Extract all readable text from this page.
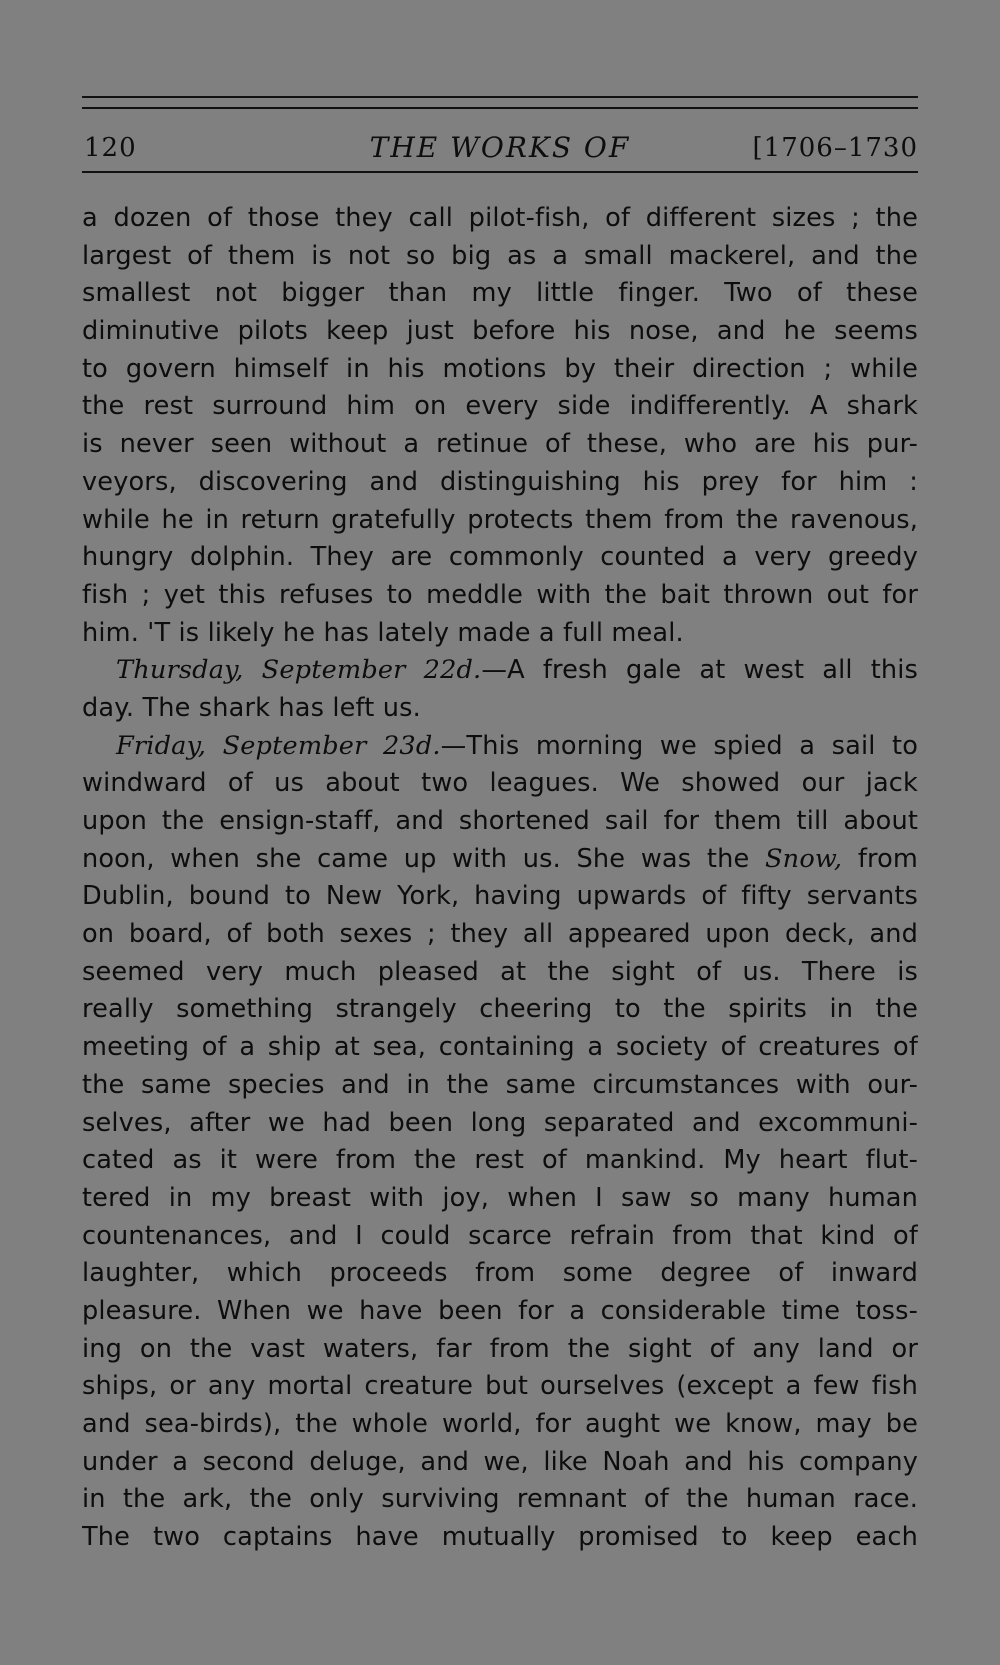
120	THE WORKS OF	[1706–1730
a dozen of those they call pilot-fish, of different sizes ; the
largest of them is not so big as a small mackerel, and the
smallest not bigger than my little finger. Two of these
diminutive pilots keep just before his nose, and he seems
to govern himself in his motions by their direction ; while
the rest surround him on every side indifferently. A shark
is never seen without a retinue of these, who are his pur-
veyors, discovering and distinguishing his prey for him :
while he in return gratefully protects them from the ravenous,
hungry dolphin. They are commonly counted a very greedy
fish ; yet this refuses to meddle with the bait thrown out for
him. 'T is likely he has lately made a full meal.
Thursday, September 22d.—A fresh gale at west all this
day. The shark has left us.
Friday, September 23d.—This morning we spied a sail to
windward of us about two leagues. We showed our jack
upon the ensign-staff, and shortened sail for them till about
noon, when she came up with us. She was the Snow, from
Dublin, bound to New York, having upwards of fifty servants
on board, of both sexes ; they all appeared upon deck, and
seemed very much pleased at the sight of us. There is
really something strangely cheering to the spirits in the
meeting of a ship at sea, containing a society of creatures of
the same species and in the same circumstances with our-
selves, after we had been long separated and excommuni-
cated as it were from the rest of mankind. My heart flut-
tered in my breast with joy, when I saw so many human
countenances, and I could scarce refrain from that kind of
laughter, which proceeds from some degree of inward
pleasure. When we have been for a considerable time toss-
ing on the vast waters, far from the sight of any land or
ships, or any mortal creature but ourselves (except a few fish
and sea-birds), the whole world, for aught we know, may be
under a second deluge, and we, like Noah and his company
in the ark, the only surviving remnant of the human race.
The two captains have mutually promised to keep each
